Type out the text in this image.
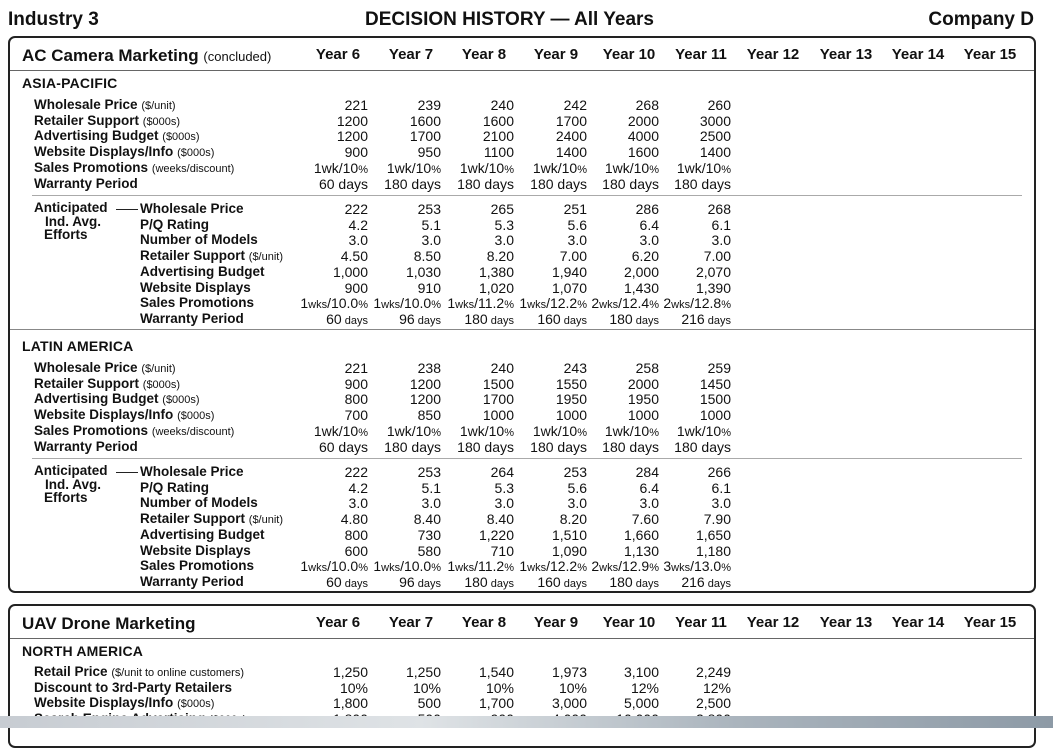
Industry 3	DECISION HISTORY — All Years	Company D
AC Camera Marketing (concluded)	Year 6	Year 7	Year 8	Year 9	Year 10	Year 11	Year 12	Year 13	Year 14	Year 15
ASIA-PACIFIC
Wholesale Price ($/unit)	221	239	240	242	268	260
Retailer Support ($000s)	1200	1600	1600	1700	2000	3000
Advertising Budget ($000s)	1200	1700	2100	2400	4000	2500
Website Displays/Info ($000s)	900	950	1100	1400	1600	1400
Sales Promotions (weeks/discount)	1wk/10%	1wk/10%	1wk/10%	1wk/10%	1wk/10%	1wk/10%
Warranty Period	60 days	180 days	180 days	180 days	180 days	180 days
Anticipated
Ind. Avg.
Efforts
Wholesale Price	222	253	265	251	286	268
P/Q Rating	4.2	5.1	5.3	5.6	6.4	6.1
Number of Models	3.0	3.0	3.0	3.0	3.0	3.0
Retailer Support ($/unit)	4.50	8.50	8.20	7.00	6.20	7.00
Advertising Budget	1,000	1,030	1,380	1,940	2,000	2,070
Website Displays	900	910	1,020	1,070	1,430	1,390
Sales Promotions	1wks/10.0% 1wks/10.0% 1wks/11.2% 1wks/12.2% 2wks/12.4% 2wks/12.8%
Warranty Period	60 days	96 days	180 days	160 days	180 days	216 days
LATIN AMERICA
Wholesale Price ($/unit)	221	238	240	243	258	259
Retailer Support ($000s)	900	1200	1500	1550	2000	1450
Advertising Budget ($000s)	800	1200	1700	1950	1950	1500
Website Displays/Info ($000s)	700	850	1000	1000	1000	1000
Sales Promotions (weeks/discount)	1wk/10%	1wk/10%	1wk/10%	1wk/10%	1wk/10%	1wk/10%
Warranty Period	60 days	180 days	180 days	180 days	180 days	180 days
Anticipated
Ind. Avg.
Efforts
Wholesale Price	222	253	264	253	284	266
P/Q Rating	4.2	5.1	5.3	5.6	6.4	6.1
Number of Models	3.0	3.0	3.0	3.0	3.0	3.0
Retailer Support ($/unit)	4.80	8.40	8.40	8.20	7.60	7.90
Advertising Budget	800	730	1,220	1,510	1,660	1,650
Website Displays	600	580	710	1,090	1,130	1,180
Sales Promotions	1wks/10.0% 1wks/10.0% 1wks/11.2% 1wks/12.2% 2wks/12.9% 3wks/13.0%
Warranty Period	60 days	96 days	180 days	160 days	180 days	216 days
UAV Drone Marketing	Year 6	Year 7	Year 8	Year 9	Year 10	Year 11	Year 12	Year 13	Year 14	Year 15
NORTH AMERICA
Retail Price ($/unit to online customers)	1,250	1,250	1,540	1,973	3,100	2,249
Discount to 3rd-Party Retailers	10%	10%	10%	10%	12%	12%
Website Displays/Info ($000s)	1,800	500	1,700	3,000	5,000	2,500
